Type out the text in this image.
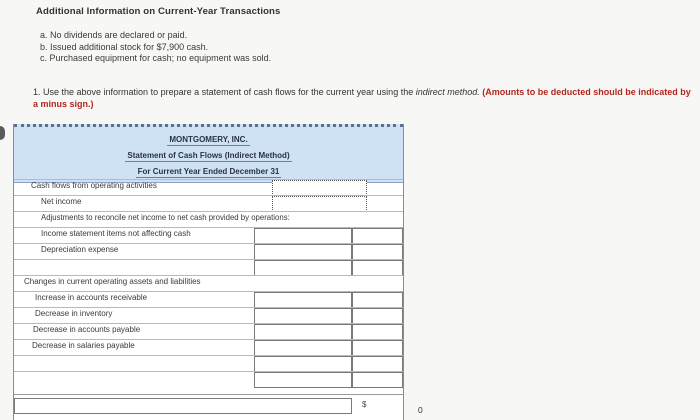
Additional Information on Current-Year Transactions
a. No dividends are declared or paid.
b. Issued additional stock for $7,900 cash.
c. Purchased equipment for cash; no equipment was sold.
1. Use the above information to prepare a statement of cash flows for the current year using the indirect method. (Amounts to be deducted should be indicated by a minus sign.)
MONTGOMERY, INC.
Statement of Cash Flows (Indirect Method)
For Current Year Ended December 31
Cash flows from operating activities
Net income
Adjustments to reconcile net income to net cash provided by operations:
Income statement items not affecting cash
Depreciation expense
Changes in current operating assets and liabilities
Increase in accounts receivable
Decrease in inventory
Decrease in accounts payable
Decrease in salaries payable
$
0
